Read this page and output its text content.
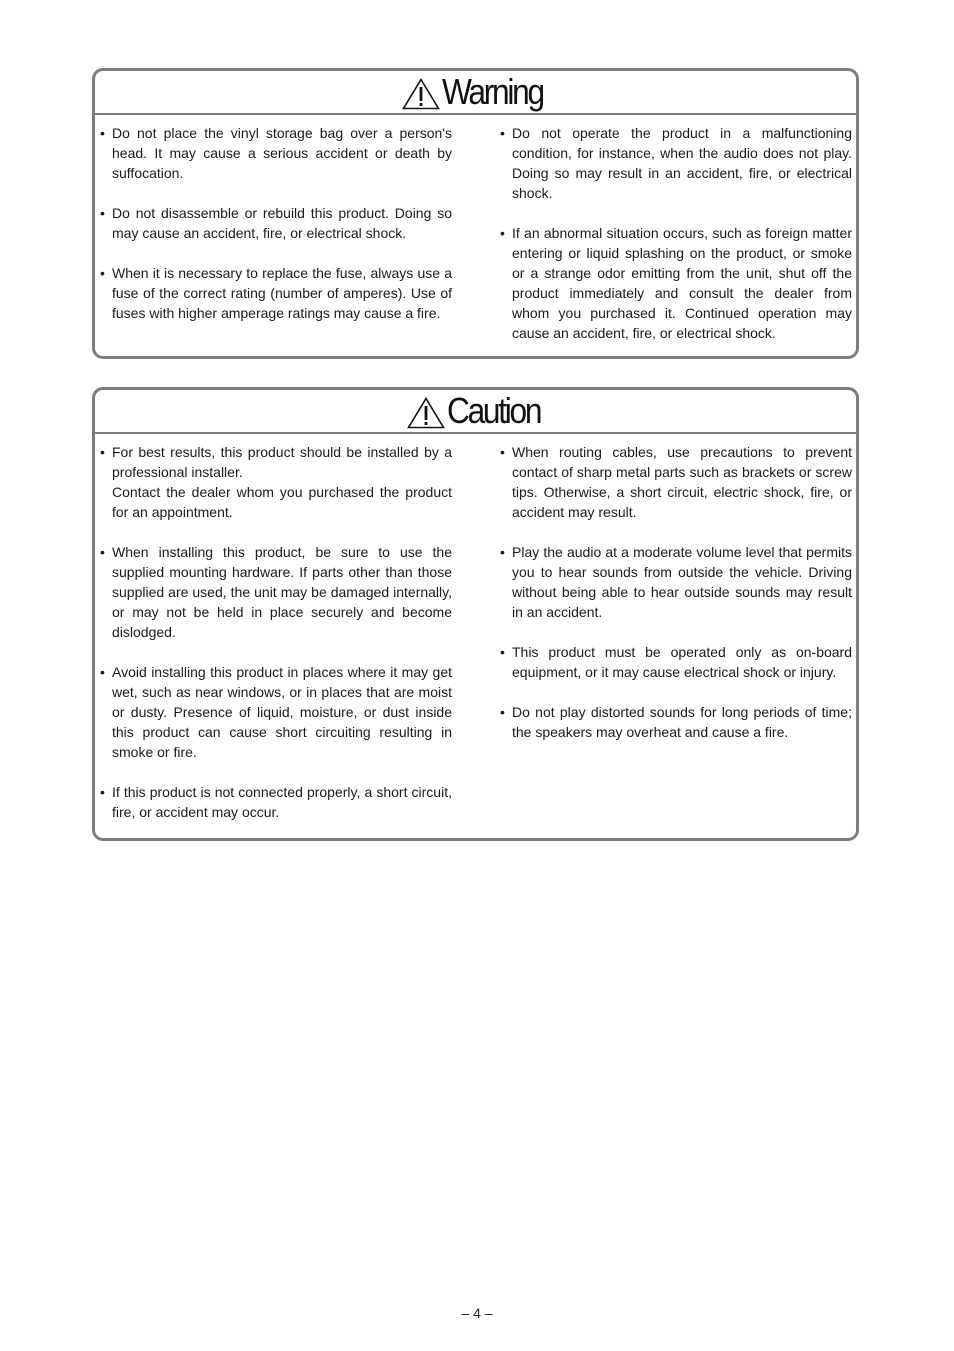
Warning
• Do not place the vinyl storage bag over a person's head. It may cause a serious accident or death by suffocation.
• Do not disassemble or rebuild this product. Doing so may cause an accident, fire, or electrical shock.
• When it is necessary to replace the fuse, always use a fuse of the correct rating (number of amperes). Use of fuses with higher amperage ratings may cause a fire.
• Do not operate the product in a malfunctioning condition, for instance, when the audio does not play. Doing so may result in an accident, fire, or electrical shock.
• If an abnormal situation occurs, such as foreign matter entering or liquid splashing on the product, or smoke or a strange odor emitting from the unit, shut off the product immediately and consult the dealer from whom you purchased it. Continued operation may cause an accident, fire, or electrical shock.
Caution
• For best results, this product should be installed by a professional installer.
Contact the dealer whom you purchased the product for an appointment.
• When installing this product, be sure to use the supplied mounting hardware. If parts other than those supplied are used, the unit may be damaged internally, or may not be held in place securely and become dislodged.
• Avoid installing this product in places where it may get wet, such as near windows, or in places that are moist or dusty. Presence of liquid, moisture, or dust inside this product can cause short circuiting resulting in smoke or fire.
• If this product is not connected properly, a short circuit, fire, or accident may occur.
• When routing cables, use precautions to prevent contact of sharp metal parts such as brackets or screw tips. Otherwise, a short circuit, electric shock, fire, or accident may result.
• Play the audio at a moderate volume level that permits you to hear sounds from outside the vehicle. Driving without being able to hear outside sounds may result in an accident.
• This product must be operated only as on-board equipment, or it may cause electrical shock or injury.
• Do not play distorted sounds for long periods of time; the speakers may overheat and cause a fire.
– 4 –
